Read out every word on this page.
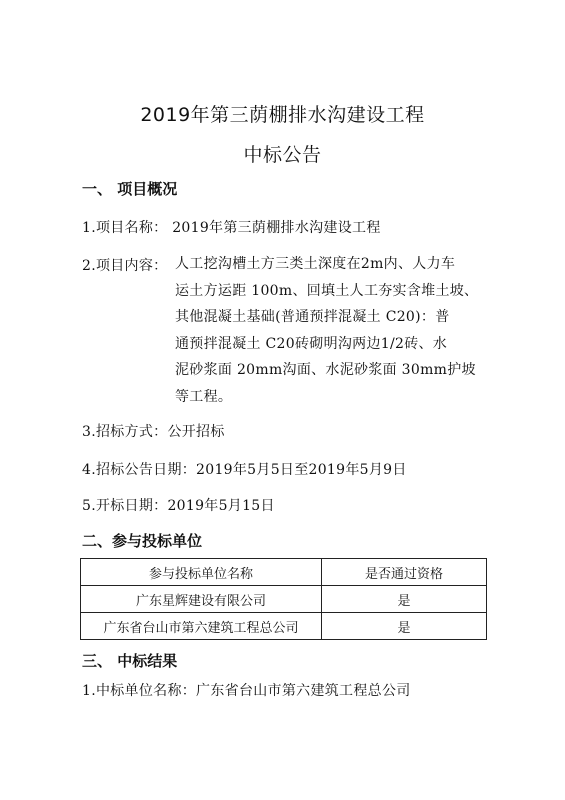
2019年第三荫棚排水沟建设工程
中标公告
一、 项目概况
1.项目名称： 2019年第三荫棚排水沟建设工程
2.项目内容： 人工挖沟槽土方三类土深度在2m内、人力车
运土方运距 100m、回填土人工夯实含堆土坡、
其他混凝土基础(普通预拌混凝土 C20)：普
通预拌混凝土 C20砖砌明沟两边1/2砖、水
泥砂浆面 20mm沟面、水泥砂浆面 30mm护坡
等工程。
3.招标方式：公开招标
4.招标公告日期：2019年5月5日至2019年5月9日
5.开标日期：2019年5月15日
二、参与投标单位
参与投标单位名称	是否通过资格
广东星辉建设有限公司	是
广东省台山市第六建筑工程总公司	是
三、 中标结果
1.中标单位名称：广东省台山市第六建筑工程总公司
